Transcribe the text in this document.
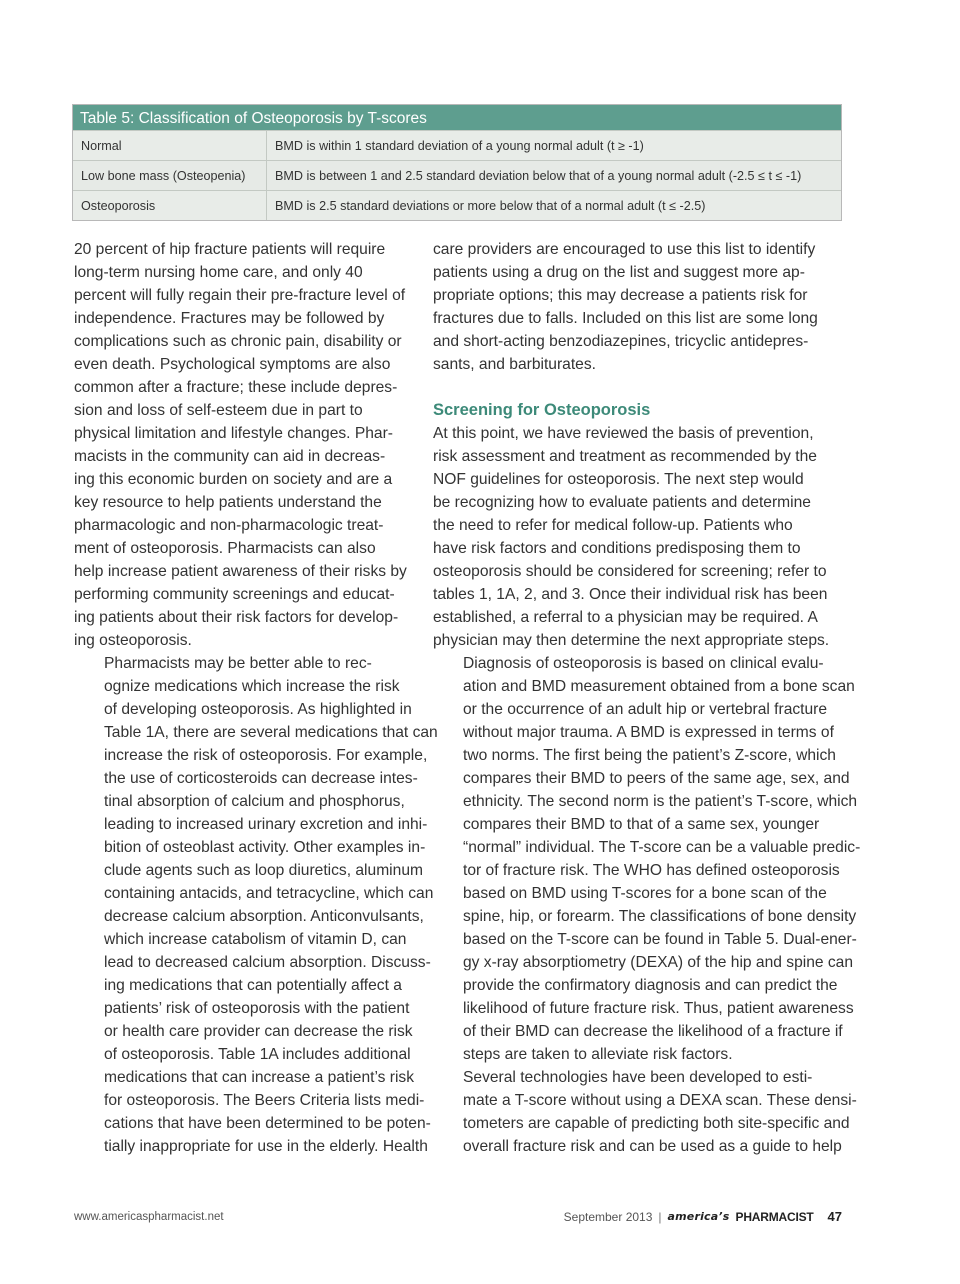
Table 5: Classification of Osteoporosis by T-scores
Normal	BMD is within 1 standard deviation of a young normal adult (t ≥ -1)
Low bone mass (Osteopenia)	BMD is between 1 and 2.5 standard deviation below that of a young normal adult (-2.5 ≤ t ≤ -1)
Osteoporosis	BMD is 2.5 standard deviations or more below that of a normal adult (t ≤ -2.5)

20 percent of hip fracture patients will require
long-term nursing home care, and only 40
percent will fully regain their pre-fracture level of
independence. Fractures may be followed by
complications such as chronic pain, disability or
even death. Psychological symptoms are also
common after a fracture; these include depres-
sion and loss of self-esteem due in part to
physical limitation and lifestyle changes. Phar-
macists in the community can aid in decreas-
ing this economic burden on society and are a
key resource to help patients understand the
pharmacologic and non-pharmacologic treat-
ment of osteoporosis. Pharmacists can also
help increase patient awareness of their risks by
performing community screenings and educat-
ing patients about their risk factors for develop-
ing osteoporosis.

Pharmacists may be better able to rec-
ognize medications which increase the risk
of developing osteoporosis. As highlighted in
Table 1A, there are several medications that can
increase the risk of osteoporosis. For example,
the use of corticosteroids can decrease intes-
tinal absorption of calcium and phosphorus,
leading to increased urinary excretion and inhi-
bition of osteoblast activity. Other examples in-
clude agents such as loop diuretics, aluminum
containing antacids, and tetracycline, which can
decrease calcium absorption. Anticonvulsants,
which increase catabolism of vitamin D, can
lead to decreased calcium absorption. Discuss-
ing medications that can potentially affect a
patients’ risk of osteoporosis with the patient
or health care provider can decrease the risk
of osteoporosis. Table 1A includes additional
medications that can increase a patient’s risk
for osteoporosis. The Beers Criteria lists medi-
cations that have been determined to be poten-
tially inappropriate for use in the elderly. Health

care providers are encouraged to use this list to identify
patients using a drug on the list and suggest more ap-
propriate options; this may decrease a patients risk for
fractures due to falls. Included on this list are some long
and short-acting benzodiazepines, tricyclic antidepres-
sants, and barbiturates.

Screening for Osteoporosis

At this point, we have reviewed the basis of prevention,
risk assessment and treatment as recommended by the
NOF guidelines for osteoporosis. The next step would
be recognizing how to evaluate patients and determine
the need to refer for medical follow-up. Patients who
have risk factors and conditions predisposing them to
osteoporosis should be considered for screening; refer to
tables 1, 1A, 2, and 3. Once their individual risk has been
established, a referral to a physician may be required. A
physician may then determine the next appropriate steps.

Diagnosis of osteoporosis is based on clinical evalu-
ation and BMD measurement obtained from a bone scan
or the occurrence of an adult hip or vertebral fracture
without major trauma. A BMD is expressed in terms of
two norms. The first being the patient’s Z-score, which
compares their BMD to peers of the same age, sex, and
ethnicity. The second norm is the patient’s T-score, which
compares their BMD to that of a same sex, younger
“normal” individual. The T-score can be a valuable predic-
tor of fracture risk. The WHO has defined osteoporosis
based on BMD using T-scores for a bone scan of the
spine, hip, or forearm. The classifications of bone density
based on the T-score can be found in Table 5. Dual-ener-
gy x-ray absorptiometry (DEXA) of the hip and spine can
provide the confirmatory diagnosis and can predict the
likelihood of future fracture risk. Thus, patient awareness
of their BMD can decrease the likelihood of a fracture if
steps are taken to alleviate risk factors.

Several technologies have been developed to esti-
mate a T-score without using a DEXA scan. These densi-
tometers are capable of predicting both site-specific and
overall fracture risk and can be used as a guide to help

www.americaspharmacist.net	September 2013 | america’s PHARMACIST 47
